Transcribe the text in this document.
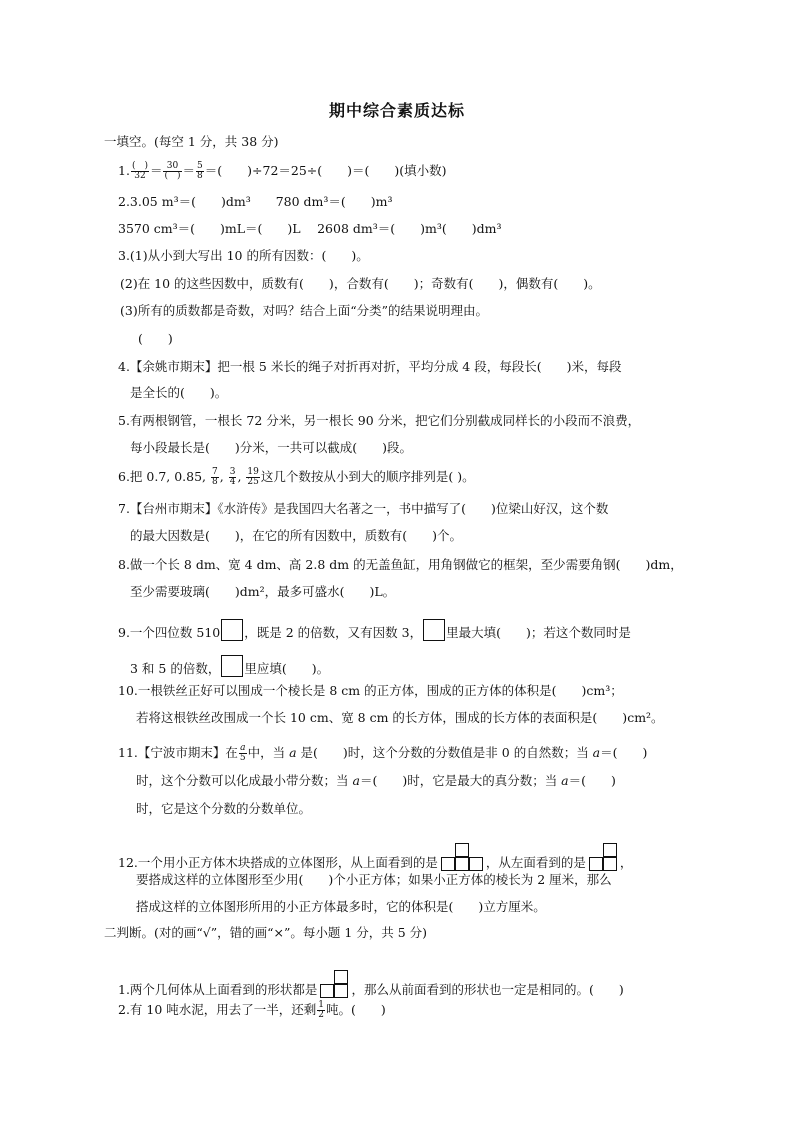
期中综合素质达标
一填空。(每空 1 分，共 38 分)
1. $\frac{( )}{32} = \frac{30}{( )} = \frac{5}{8}$ ＝(　　)÷72＝25÷(　　)＝(　　)(填小数)
2.3.05 m³＝(　　)dm³　　780 dm³＝(　　)m³
3570 cm³＝(　　)mL＝(　　)L　 2608 dm³＝(　　)m³(　　)dm³
3.(1)从小到大写出 10 的所有因数：(　　)。
(2)在 10 的这些因数中，质数有(　　)，合数有(　　)；奇数有(　　)，偶数有(　　)。
(3)所有的质数都是奇数，对吗？结合上面“分类”的结果说明理由。
(　　)
4.【余姚市期末】把一根 5 米长的绳子对折再对折，平均分成 4 段，每段长(　　)米，每段
是全长的(　　)。
5.有两根钢管，一根长 72 分米，另一根长 90 分米，把它们分别截成同样长的小段而不浪费，
每小段最长是(　　)分米，一共可以截成(　　)段。
6.把 0.7, 0.85, $\frac{7}{8}$ , $\frac{3}{4}$ , $\frac{19}{25}$ 这几个数按从小到大的顺序排列是( )。
7.【台州市期末】《水浒传》是我国四大名著之一，书中描写了(　　)位梁山好汉，这个数
的最大因数是(　　)，在它的所有因数中，质数有(　　)个。
8.做一个长 8 dm、宽 4 dm、高 2.8 dm 的无盖鱼缸，用角钢做它的框架，至少需要角钢(　　)dm，
至少需要玻璃(　　)dm²，最多可盛水(　　)L。
9.一个四位数 510 ，既是 2 的倍数，又有因数 3， 里最大填(　　)；若这个数同时是
3 和 5 的倍数， 里应填(　　)。
10.一根铁丝正好可以围成一个棱长是 8 cm 的正方体，围成的正方体的体积是(　　)cm³；
若将这根铁丝改围成一个长 10 cm、宽 8 cm 的长方体，围成的长方体的表面积是(　　)cm²。
11.【宁波市期末】在 $\frac{a}{5}$ 中，当 a 是(　　)时，这个分数的分数值是非 0 的自然数；当 a＝(　　)
时，这个分数可以化成最小带分数；当 a＝(　　)时，它是最大的真分数；当 a＝(　　)
时，它是这个分数的分数单位。
12.一个用小正方体木块搭成的立体图形，从上面看到的是	，从左面看到的是	，
要搭成这样的立体图形至少用(　　)个小正方体；如果小正方体的棱长为 2 厘米，那么
搭成这样的立体图形所用的小正方体最多时，它的体积是(　　)立方厘米。
二判断。(对的画“√”，错的画“×”。每小题 1 分，共 5 分)
1.两个几何体从上面看到的形状都是	，那么从前面看到的形状也一定是相同的。(　　)
2.有 10 吨水泥，用去了一半，还剩 $\frac{1}{2}$ 吨。(　　)
